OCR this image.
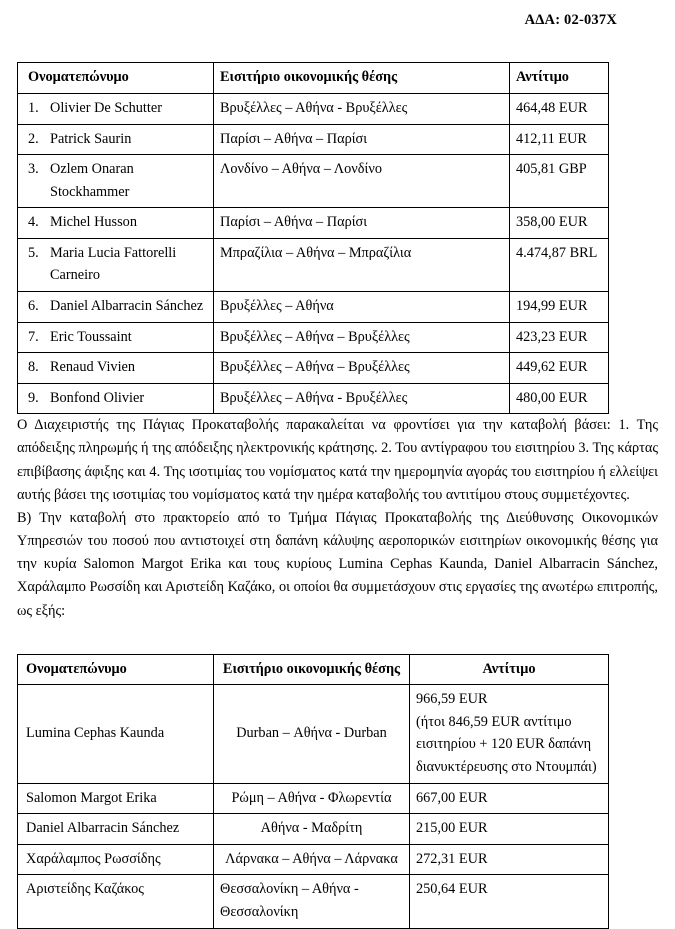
ΑΔΑ: 02-037Χ
Ονοματεπώνυμο	Εισιτήριο οικονομικής θέσης	Αντίτιμο

1. Olivier De Schutter	Βρυξέλλες – Αθήνα - Βρυξέλλες	464,48 EUR

2. Patrick Saurin	Παρίσι – Αθήνα – Παρίσι	412,11 EUR

3. Ozlem Onaran Stockhammer	Λονδίνο – Αθήνα – Λονδίνο	405,81 GBP

4. Michel Husson	Παρίσι – Αθήνα – Παρίσι	358,00 EUR

5. Maria Lucia Fattorelli Carneiro	Μπραζίλια – Αθήνα – Μπραζίλια	4.474,87 BRL

6. Daniel Albarracin Sánchez	Βρυξέλλες – Αθήνα	194,99 EUR

7. Eric Toussaint	Βρυξέλλες – Αθήνα – Βρυξέλλες	423,23 EUR

8. Renaud Vivien	Βρυξέλλες – Αθήνα – Βρυξέλλες	449,62 EUR

9. Bonfond Olivier	Βρυξέλλες – Αθήνα - Βρυξέλλες	480,00 EUR

Ο Διαχειριστής της Πάγιας Προκαταβολής παρακαλείται να φροντίσει για την καταβολή βάσει: 1. Της απόδειξης πληρωμής ή της απόδειξης ηλεκτρονικής κράτησης. 2. Του αντίγραφου του εισιτηρίου 3. Της κάρτας επιβίβασης άφιξης και 4. Της ισοτιμίας του νομίσματος κατά την ημερομηνία αγοράς του εισιτηρίου ή ελλείψει αυτής βάσει της ισοτιμίας του νομίσματος κατά την ημέρα καταβολής του αντιτίμου στους συμμετέχοντες.

Β) Την καταβολή στο πρακτορείο από το Τμήμα Πάγιας Προκαταβολής της Διεύθυνσης Οικονομικών Υπηρεσιών του ποσού που αντιστοιχεί στη δαπάνη κάλυψης αεροπορικών εισιτηρίων οικονομικής θέσης για την κυρία Salomon Margot Erika και τους κυρίους Lumina Cephas Kaunda, Daniel Albarracin Sánchez, Χαράλαμπο Ρωσσίδη και Αριστείδη Καζάκο, οι οποίοι θα συμμετάσχουν στις εργασίες της ανωτέρω επιτροπής, ως εξής:

Ονοματεπώνυμο	Εισιτήριο οικονομικής θέσης	Αντίτιμο
Lumina Cephas Kaunda	Durban – Αθήνα - Durban	966,59 EUR
(ήτοι 846,59 EUR αντίτιμο
εισιτηρίου + 120 EUR δαπάνη
διανυκτέρευσης στο Ντουμπάι)

Salomon Margot Erika	Ρώμη – Αθήνα - Φλωρεντία	667,00 EUR
Daniel Albarracin Sánchez	Αθήνα - Μαδρίτη	215,00 EUR
Χαράλαμπος Ρωσσίδης	Λάρνακα – Αθήνα – Λάρνακα	272,31 EUR
Αριστείδης Καζάκος	Θεσσαλονίκη – Αθήνα -
Θεσσαλονίκη	250,64 EUR
